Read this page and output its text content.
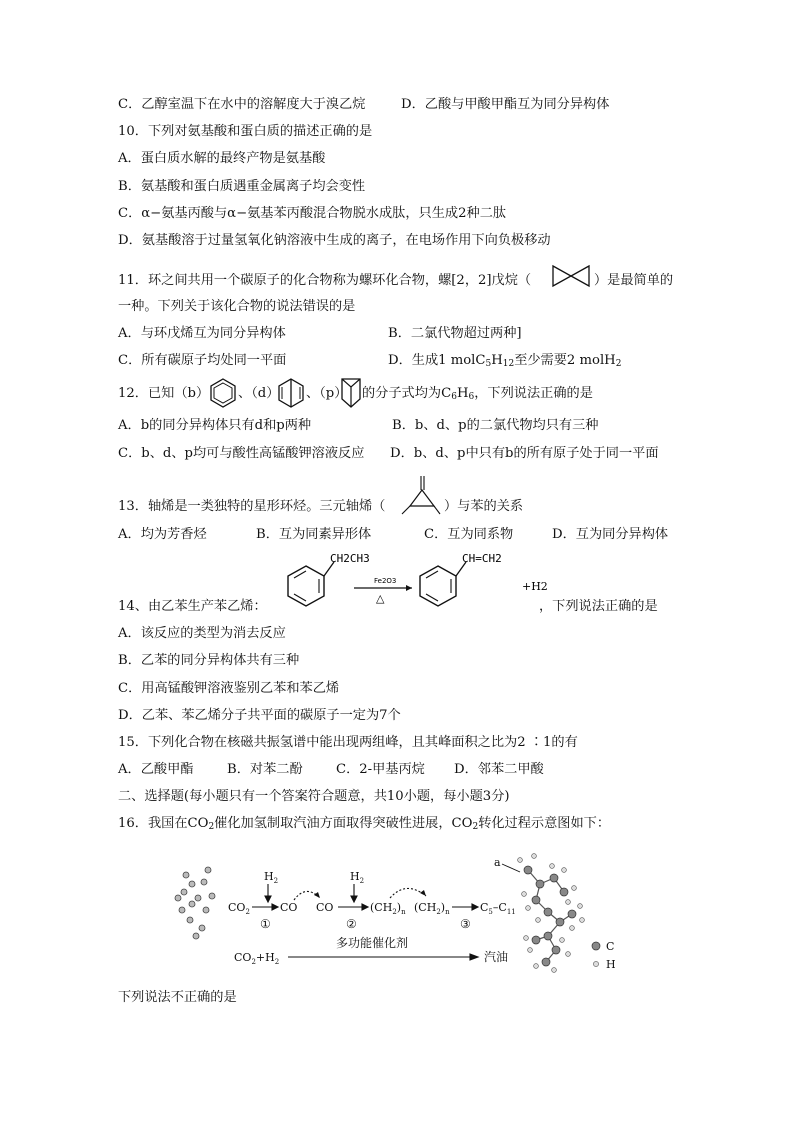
C．乙醇室温下在水中的溶解度大于溴乙烷	D．乙酸与甲酸甲酯互为同分异构体
10．下列对氨基酸和蛋白质的描述正确的是
A．蛋白质水解的最终产物是氨基酸
B．氨基酸和蛋白质遇重金属离子均会变性
C．α−氨基丙酸与α−氨基苯丙酸混合物脱水成肽，只生成2种二肽
D．氨基酸溶于过量氢氧化钠溶液中生成的离子，在电场作用下向负极移动
11．环之间共用一个碳原子的化合物称为螺环化合物，螺[2，2]戊烷（	）是最简单的
一种。下列关于该化合物的说法错误的是
A．与环戊烯互为同分异构体	B．二氯代物超过两种]
C．所有碳原子均处同一平面	D．生成1 $molC_5H_{12}$至少需要2 molH$_2$
12．已知（b） 、（d） 、（p） 的分子式均为$C_6H_6$，下列说法正确的是
A．b的同分异构体只有d和p两种	B．b、d、p的二氯代物均只有三种
C．b、d、p均可与酸性高锰酸钾溶液反应 D．b、d、p中只有b的所有原子处于同一平面
13．轴烯是一类独特的星形环烃。三元轴烯（	）与苯的关系
A．均为芳香烃	B．互为同素异形体	C．互为同系物	D．互为同分异构体
CH2CH3
Fe2O3
△
CH=CH2
+H2
14、由乙苯生产苯乙烯：	，下列说法正确的是
A．该反应的类型为消去反应
B．乙苯的同分异构体共有三种
C．用高锰酸钾溶液鉴别乙苯和苯乙烯
D．乙苯、苯乙烯分子共平面的碳原子一定为7个
15．下列化合物在核磁共振氢谱中能出现两组峰，且其峰面积之比为2 ∶1的有
A．乙酸甲酯	B．对苯二酚	C．2-甲基丙烷 D．邻苯二甲酸
二、选择题(每小题只有一个答案符合题意，共10小题，每小题3分)
16．我国在$CO_2$催化加氢制取汽油方面取得突破性进展，$CO_2$转化过程示意图如下：
$CO_2$
$H_2$
CO CO
$H_2$
$(CH_2)_n$ $(CH_2)_n$	$C_5-C_{11}$
①	②	③
$CO_2+H_2$
多功能催化剂
汽油
a
C
H
下列说法不正确的是
